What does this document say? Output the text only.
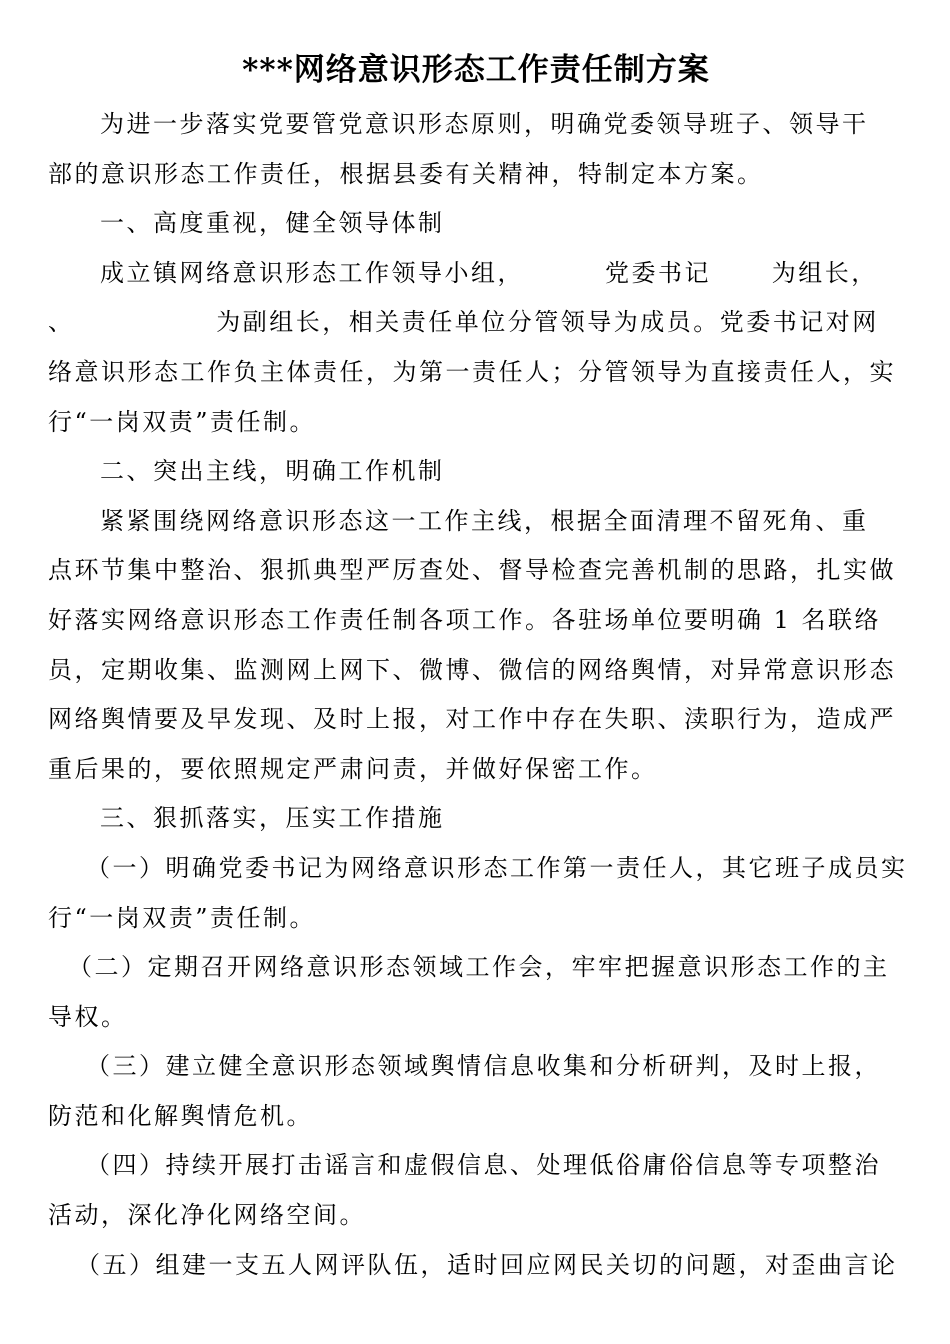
***网络意识形态工作责任制方案
为进一步落实党要管党意识形态原则，明确党委领导班子、领导干
部的意识形态工作责任，根据县委有关精神，特制定本方案。
一、高度重视，健全领导体制
成立镇网络意识形态工作领导小组，        党委书记      为组长，
、              为副组长，相关责任单位分管领导为成员。党委书记对网
络意识形态工作负主体责任，为第一责任人；分管领导为直接责任人，实
行“一岗双责”责任制。
二、突出主线，明确工作机制
紧紧围绕网络意识形态这一工作主线，根据全面清理不留死角、重
点环节集中整治、狠抓典型严厉查处、督导检查完善机制的思路，扎实做
好落实网络意识形态工作责任制各项工作。各驻场单位要明确 1 名联络
员，定期收集、监测网上网下、微博、微信的网络舆情，对异常意识形态
网络舆情要及早发现、及时上报，对工作中存在失职、渎职行为，造成严
重后果的，要依照规定严肃问责，并做好保密工作。
三、狠抓落实，压实工作措施
（一）明确党委书记为网络意识形态工作第一责任人，其它班子成员实
行“一岗双责”责任制。
（二）定期召开网络意识形态领域工作会，牢牢把握意识形态工作的主
导权。
（三）建立健全意识形态领域舆情信息收集和分析研判，及时上报，
防范和化解舆情危机。
（四）持续开展打击谣言和虚假信息、处理低俗庸俗信息等专项整治
活动，深化净化网络空间。
（五）组建一支五人网评队伍，适时回应网民关切的问题，对歪曲言论
